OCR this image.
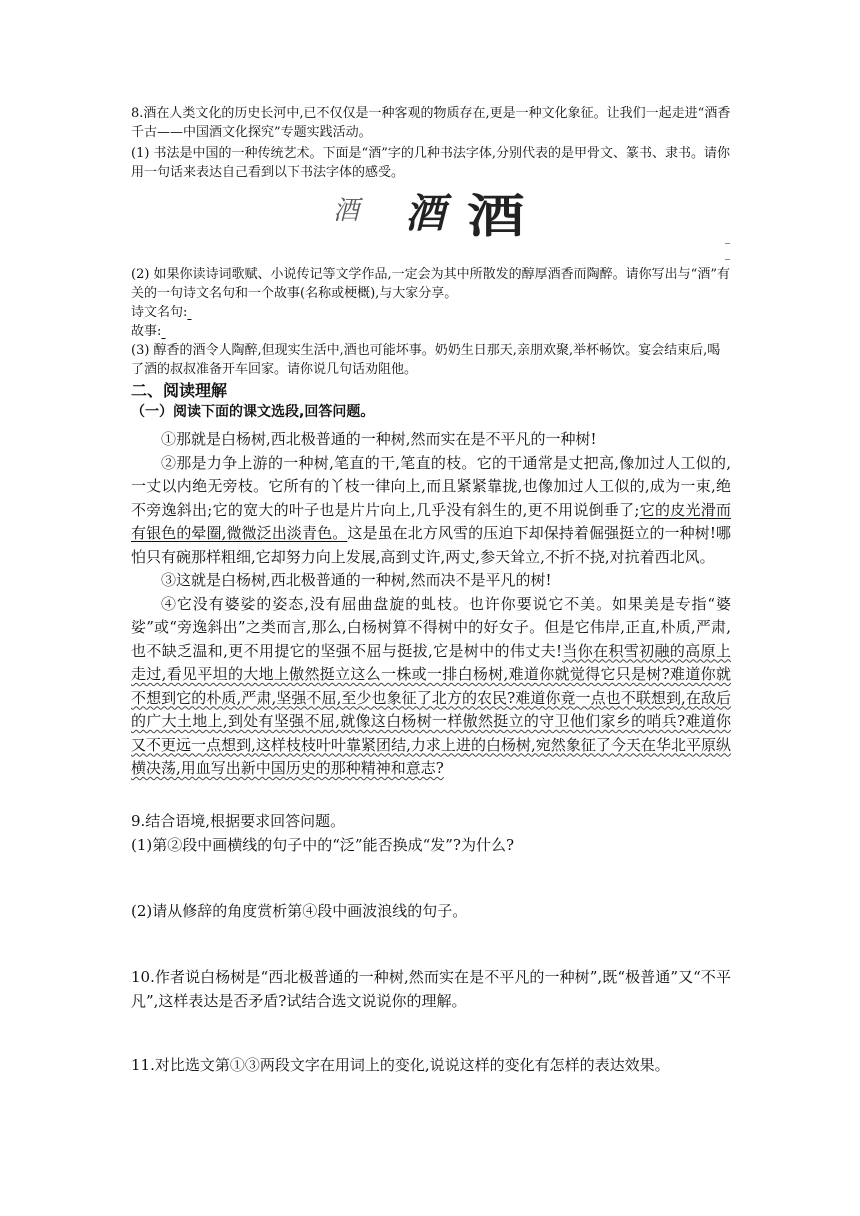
8.酒在人类文化的历史长河中,已不仅仅是一种客观的物质存在,更是一种文化象征。让我们一起走进“酒香千古——中国酒文化探究”专题实践活动。

(1) 书法是中国的一种传统艺术。下面是“酒”字的几种书法字体,分别代表的是甲骨文、篆书、隶书。请你用一句话来表达自己看到以下书法字体的感受。

酒 酒 酒

(2) 如果你读诗词歌赋、小说传记等文学作品,一定会为其中所散发的醇厚酒香而陶醉。请你写出与“酒”有关的一句诗文名句和一个故事(名称或梗概),与大家分享。

诗文名句:

故事:

(3) 醇香的酒令人陶醉,但现实生活中,酒也可能坏事。奶奶生日那天,亲朋欢聚,举杯畅饮。宴会结束后,喝了酒的叔叔准备开车回家。请你说几句话劝阻他。

二、阅读理解

（一）阅读下面的课文选段,回答问题。

①那就是白杨树,西北极普通的一种树,然而实在是不平凡的一种树!

②那是力争上游的一种树,笔直的干,笔直的枝。它的干通常是丈把高,像加过人工似的,一丈以内绝无旁枝。它所有的丫枝一律向上,而且紧紧靠拢,也像加过人工似的,成为一束,绝不旁逸斜出;它的宽大的叶子也是片片向上,几乎没有斜生的,更不用说倒垂了;它的皮光滑而有银色的晕圈,微微泛出淡青色。这是虽在北方风雪的压迫下却保持着倔强挺立的一种树!哪怕只有碗那样粗细,它却努力向上发展,高到丈许,两丈,参天耸立,不折不挠,对抗着西北风。

③这就是白杨树,西北极普通的一种树,然而决不是平凡的树!

④它没有婆娑的姿态,没有屈曲盘旋的虬枝。也许你要说它不美。如果美是专指“婆娑”或“旁逸斜出”之类而言,那么,白杨树算不得树中的好女子。但是它伟岸,正直,朴质,严肃,也不缺乏温和,更不用提它的坚强不屈与挺拔,它是树中的伟丈夫!当你在积雪初融的高原上走过,看见平坦的大地上傲然挺立这么一株或一排白杨树,难道你就觉得它只是树?难道你就不想到它的朴质,严肃,坚强不屈,至少也象征了北方的农民?难道你竟一点也不联想到,在敌后的广大土地上,到处有坚强不屈,就像这白杨树一样傲然挺立的守卫他们家乡的哨兵?难道你又不更远一点想到,这样枝枝叶叶靠紧团结,力求上进的白杨树,宛然象征了今天在华北平原纵横决荡,用血写出新中国历史的那种精神和意志?

9.结合语境,根据要求回答问题。

(1)第②段中画横线的句子中的“泛”能否换成“发”?为什么?

(2)请从修辞的角度赏析第④段中画波浪线的句子。

10.作者说白杨树是“西北极普通的一种树,然而实在是不平凡的一种树”,既“极普通”又“不平凡”,这样表达是否矛盾?试结合选文说说你的理解。

11.对比选文第①③两段文字在用词上的变化,说说这样的变化有怎样的表达效果。
